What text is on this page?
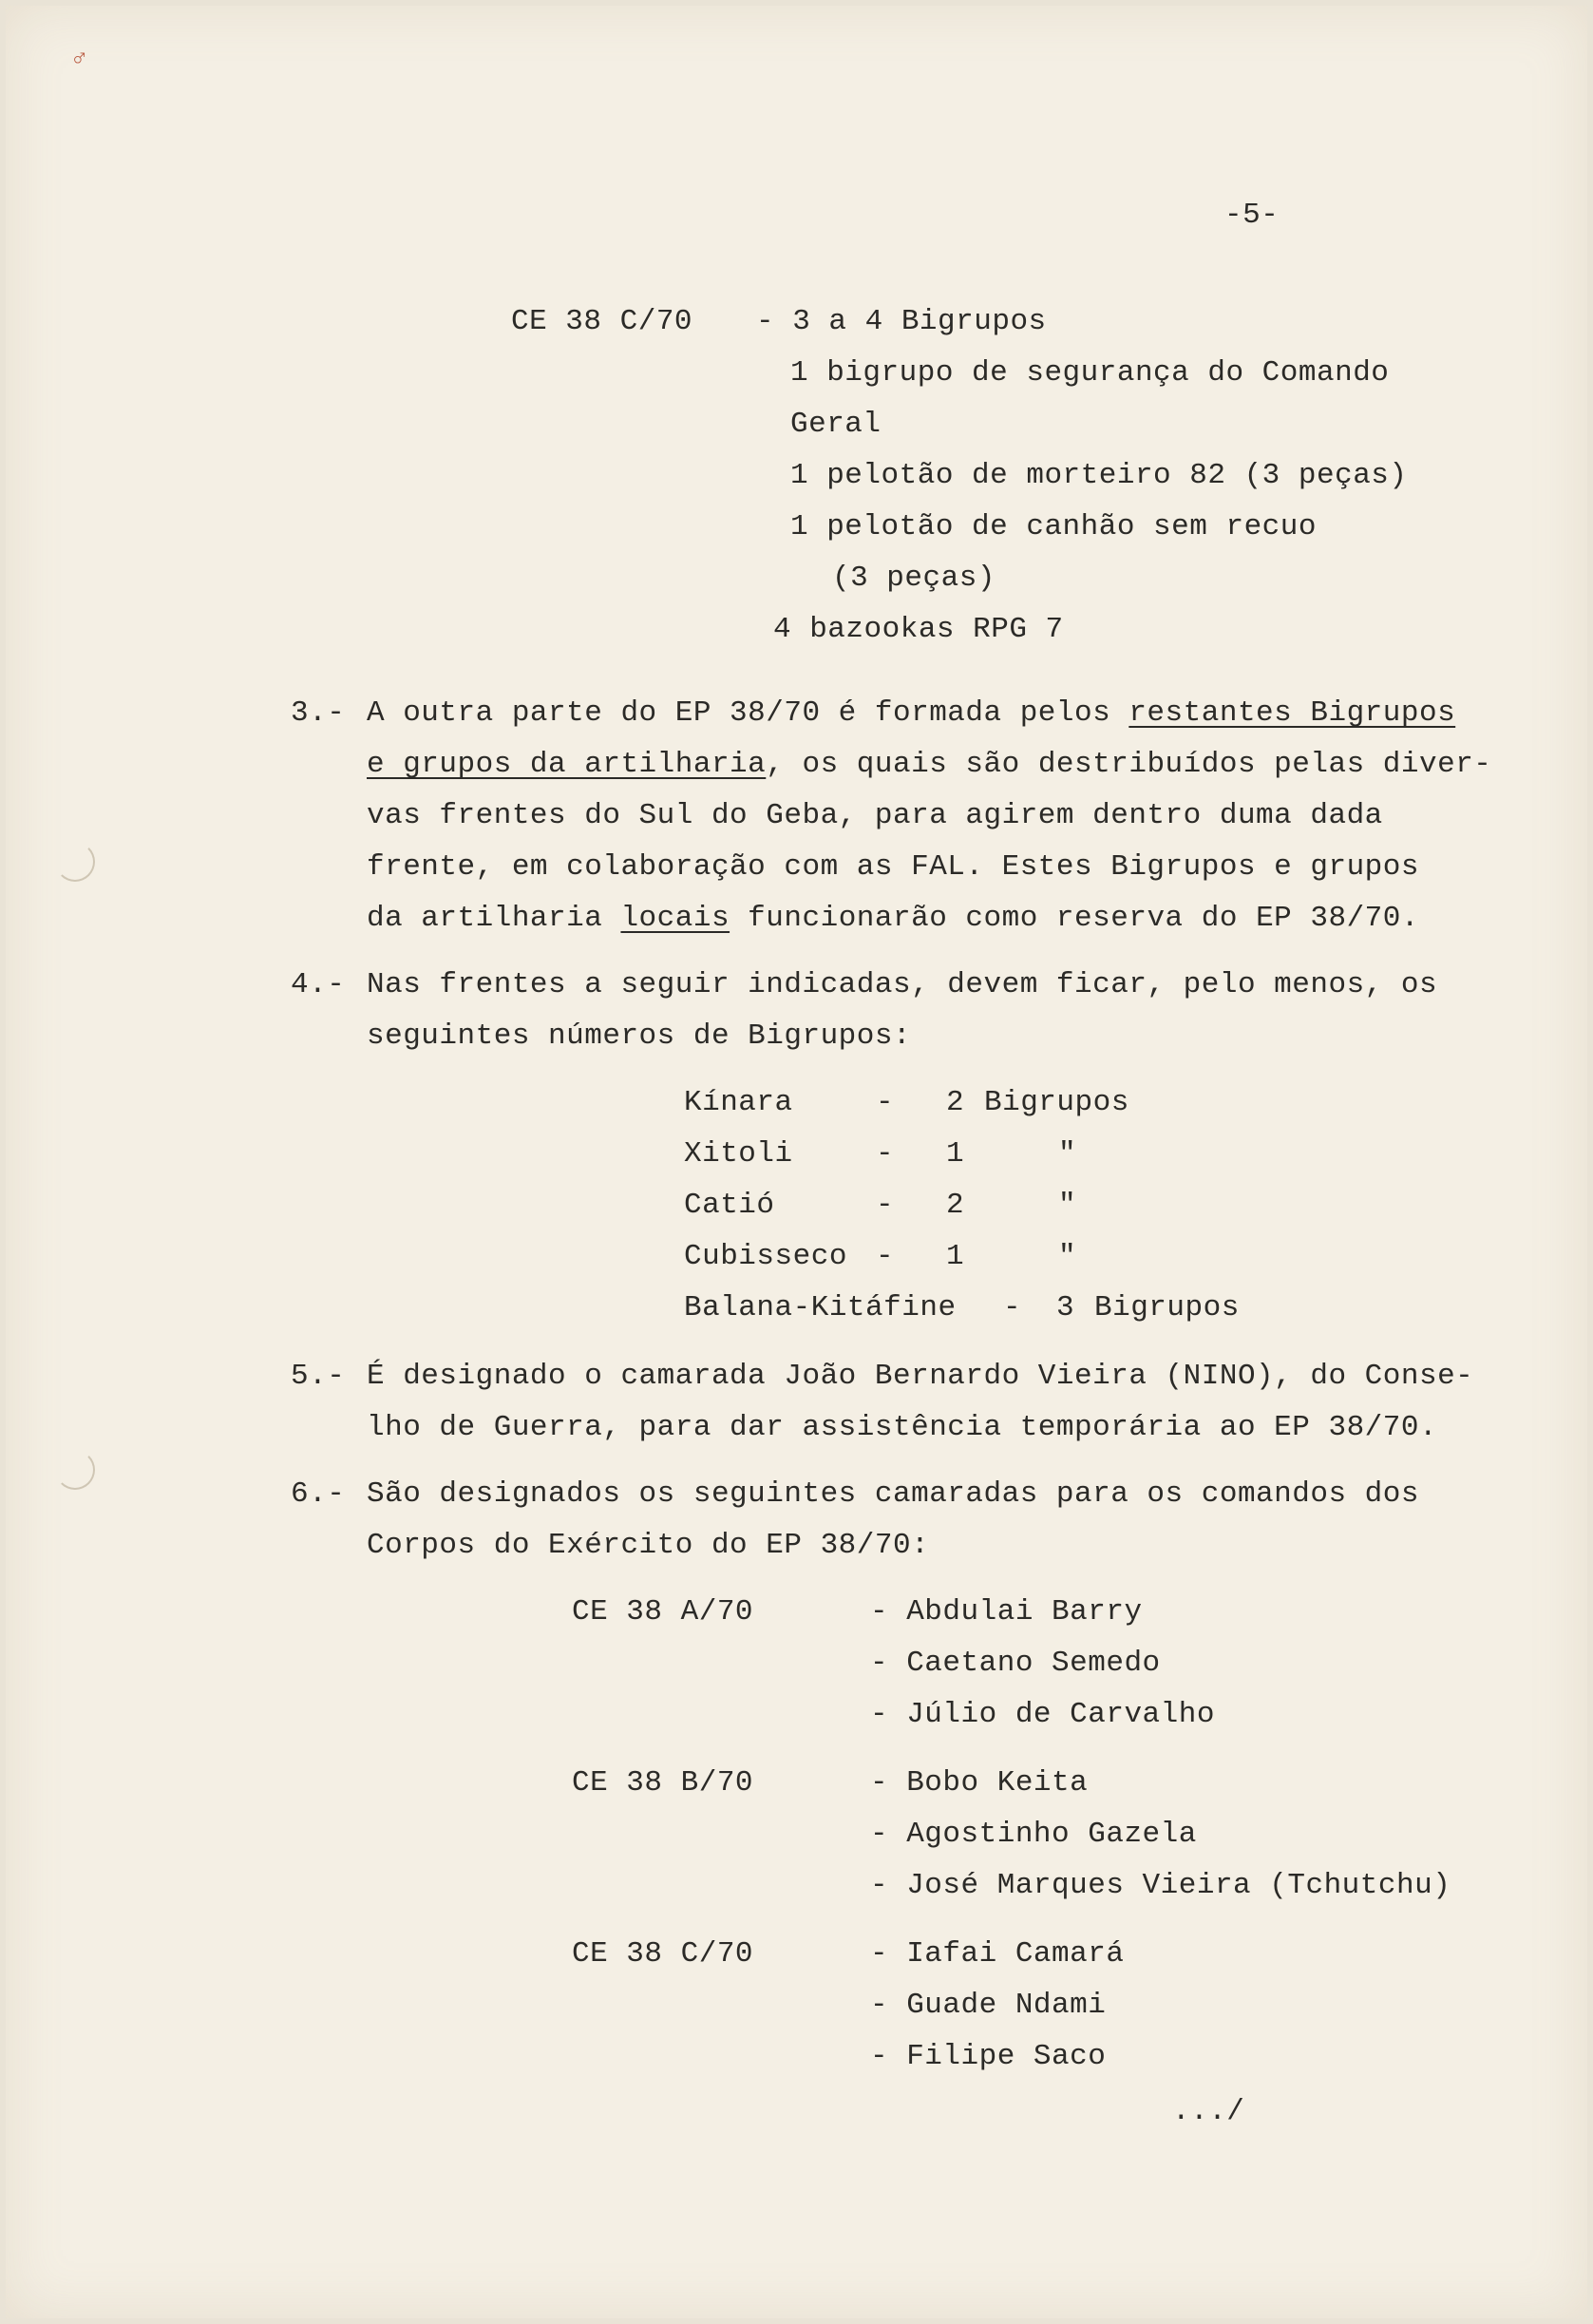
♂
-5-
CE 38 C/70 - 3 a 4 Bigrupos
1 bigrupo de segurança do Comando
Geral
1 pelotão de morteiro 82 (3 peças)
1 pelotão de canhão sem recuo
(3 peças)
4 bazookas RPG 7
3.- A outra parte do EP 38/70 é formada pelos restantes Bigrupos
e grupos da artilharia, os quais são destribuídos pelas diver-
vas frentes do Sul do Geba, para agirem dentro duma dada
frente, em colaboração com as FAL. Estes Bigrupos e grupos
da artilharia locais funcionarão como reserva do EP 38/70.
4.- Nas frentes a seguir indicadas, devem ficar, pelo menos, os
seguintes números de Bigrupos:
Kínara	- 2 Bigrupos
Xitoli	- 1	"
Catió	- 2	"
Cubisseco - 1	"
Balana-Kitáfine - 3 Bigrupos
5.- É designado o camarada João Bernardo Vieira (NINO), do Conse-
lho de Guerra, para dar assistência temporária ao EP 38/70.
6.- São designados os seguintes camaradas para os comandos dos
Corpos do Exército do EP 38/70:
CE 38 A/70	- Abdulai Barry
- Caetano Semedo
- Júlio de Carvalho
CE 38 B/70	- Bobo Keita
- Agostinho Gazela
- José Marques Vieira (Tchutchu)
CE 38 C/70	- Iafai Camará
- Guade Ndami
- Filipe Saco
.../
